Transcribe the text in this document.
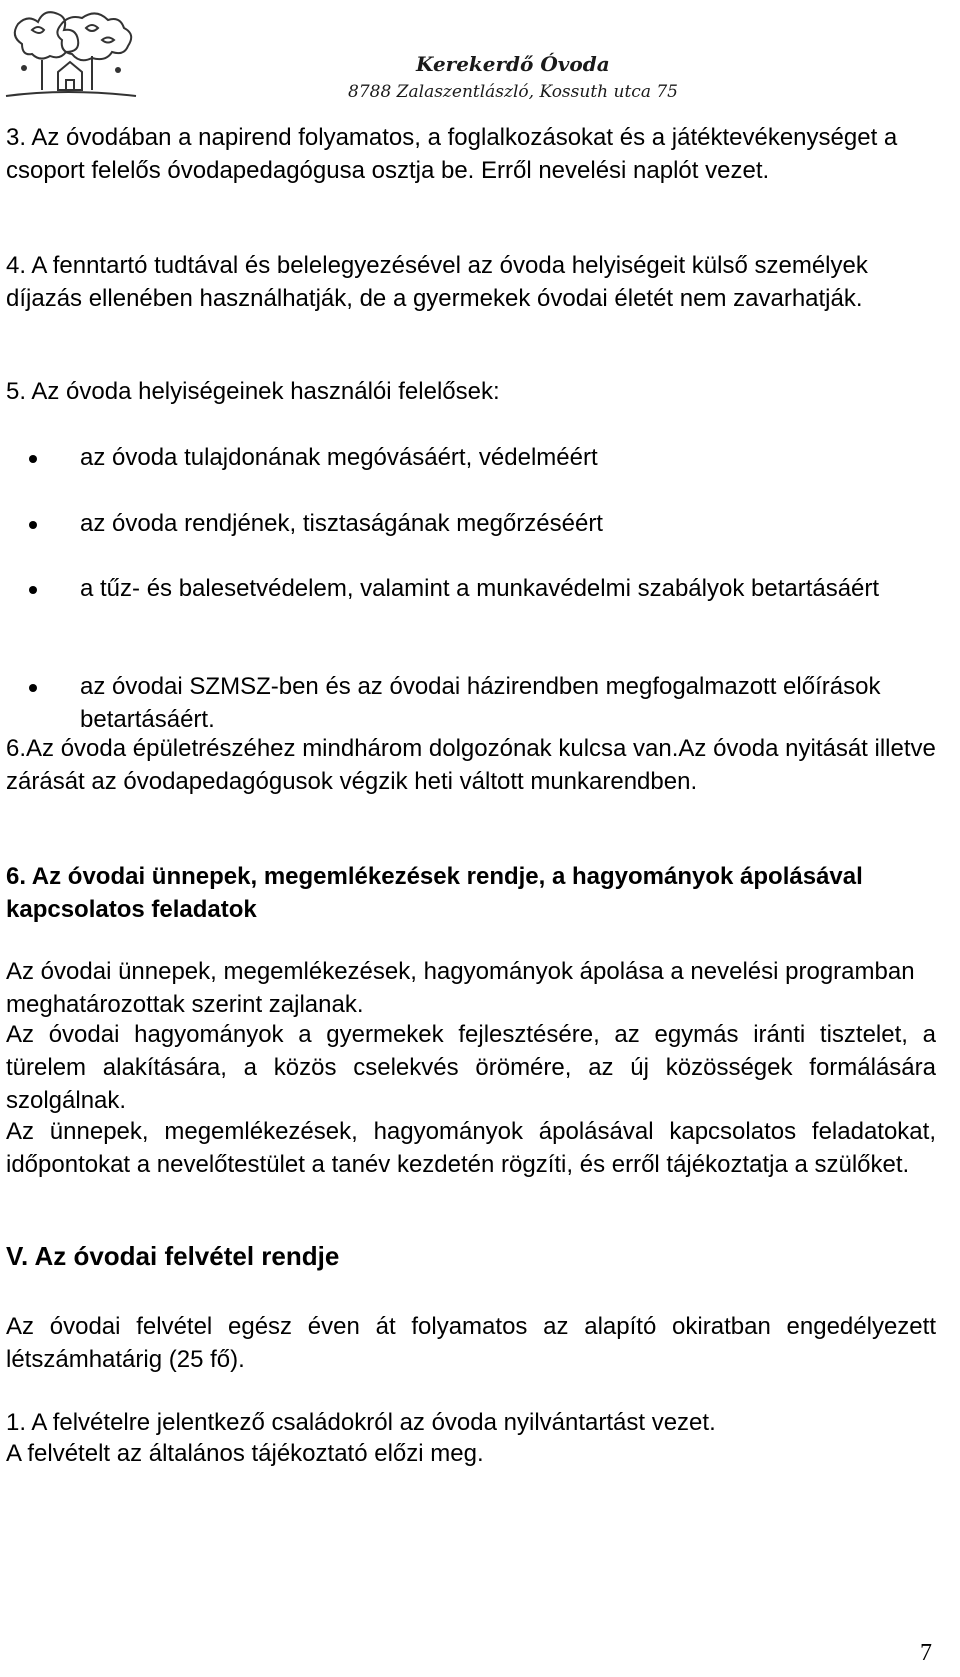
Kerekerdő Óvoda
8788 Zalaszentlászló, Kossuth utca 75
3. Az óvodában a napirend folyamatos, a foglalkozásokat és a játéktevékenységet a csoport felelős óvodapedagógusa osztja be. Erről nevelési naplót vezet.
4. A fenntartó tudtával és belelegyezésével az óvoda helyiségeit külső személyek díjazás ellenében használhatják, de a gyermekek óvodai életét nem zavarhatják.
5. Az óvoda helyiségeinek használói felelősek:
az óvoda tulajdonának megóvásáért, védelméért
az óvoda rendjének, tisztaságának megőrzéséért
a tűz- és balesetvédelem, valamint a munkavédelmi szabályok betartásáért
az óvodai SZMSZ-ben és az óvodai házirendben megfogalmazott előírások betartásáért.
6.Az óvoda épületrészéhez mindhárom dolgozónak kulcsa van.Az óvoda nyitását illetve zárását az óvodapedagógusok végzik heti váltott munkarendben.
6. Az óvodai ünnepek, megemlékezések rendje, a hagyományok ápolásával kapcsolatos feladatok
Az óvodai ünnepek, megemlékezések, hagyományok ápolása a nevelési programban meghatározottak szerint zajlanak.
Az óvodai hagyományok a gyermekek fejlesztésére, az egymás iránti tisztelet, a türelem alakítására, a közös cselekvés örömére, az új közösségek formálására szolgálnak.
Az ünnepek, megemlékezések, hagyományok ápolásával kapcsolatos feladatokat, időpontokat a nevelőtestület a tanév kezdetén rögzíti, és erről tájékoztatja a szülőket.
V. Az óvodai felvétel rendje
Az óvodai felvétel egész éven át folyamatos az alapító okiratban engedélyezett létszámhatárig (25 fő).
1. A felvételre jelentkező családokról az óvoda nyilvántartást vezet.
A felvételt az általános tájékoztató előzi meg.
7
